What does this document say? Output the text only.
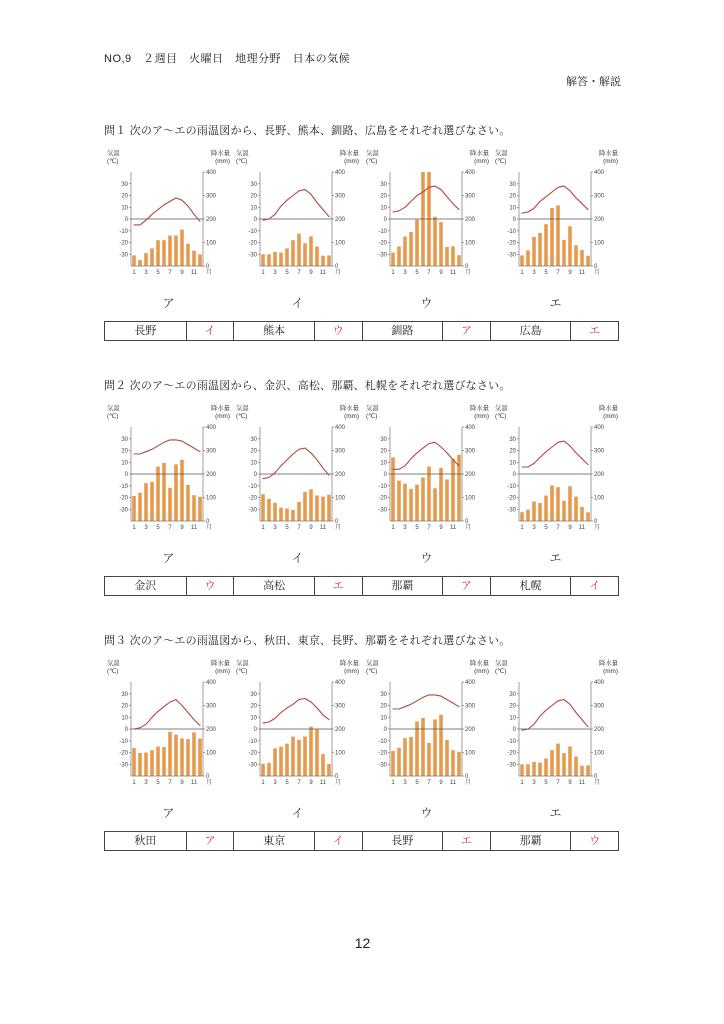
NO,9　２週目　火曜日　地理分野　日本の気候
解答・解説
問１ 次のア～エの雨温図から、長野、熊本、釧路、広島をそれぞれ選びなさい。
気温
(℃)
降水量
(mm)
30
20
10
0
-10
-20
-30
400
300
200
100
0
1 3 5 7 9 11 月
気温
(℃)
降水量
(mm)
30
20
10
0
-10
-20
-30
400
300
200
100
0
1 3 5 7 9 11 月
気温
(℃)
降水量
(mm)
30
20
10
0
-10
-20
-30
400
300
200
100
0
1 3 5 7 9 11 月
気温
(℃)
降水量
(mm)
30
20
10
0
-10
-20
-30
400
300
200
100
0
1 3 5 7 9 11 月
ア	イ	ウ	エ
長野	イ	熊本	ウ	釧路	ア	広島	エ
問２ 次のア～エの雨温図から、金沢、高松、那覇、札幌をそれぞれ選びなさい。
気温
(℃)
降水量
(mm)
30
20
10
0
-10
-20
-30
400
300
200
100
0
1 3 5 7 9 11 月
気温
(℃)
降水量
(mm)
30
20
10
0
-10
-20
-30
400
300
200
100
0
1 3 5 7 9 11 月
気温
(℃)
降水量
(mm)
30
20
10
0
-10
-20
-30
400
300
200
100
0
1 3 5 7 9 11 月
気温
(℃)
降水量
(mm)
30
20
10
0
-10
-20
-30
400
300
200
100
0
1 3 5 7 9 11 月
ア	イ	ウ	エ
金沢	ウ	高松	エ	那覇	ア	札幌	イ
問３ 次のア～エの雨温図から、秋田、東京、長野、那覇をそれぞれ選びなさい。
気温
(℃)
降水量
(mm)
30
20
10
0
-10
-20
-30
400
300
200
100
0
1 3 5 7 9 11 月
気温
(℃)
降水量
(mm)
30
20
10
0
-10
-20
-30
400
300
200
100
0
1 3 5 7 9 11 月
気温
(℃)
降水量
(mm)
30
20
10
0
-10
-20
-30
400
300
200
100
0
1 3 5 7 9 11 月
気温
(℃)
降水量
(mm)
30
20
10
0
-10
-20
-30
400
300
200
100
0
1 3 5 7 9 11 月
ア	イ	ウ	エ
秋田	ア	東京	イ	長野	エ	那覇	ウ
12
